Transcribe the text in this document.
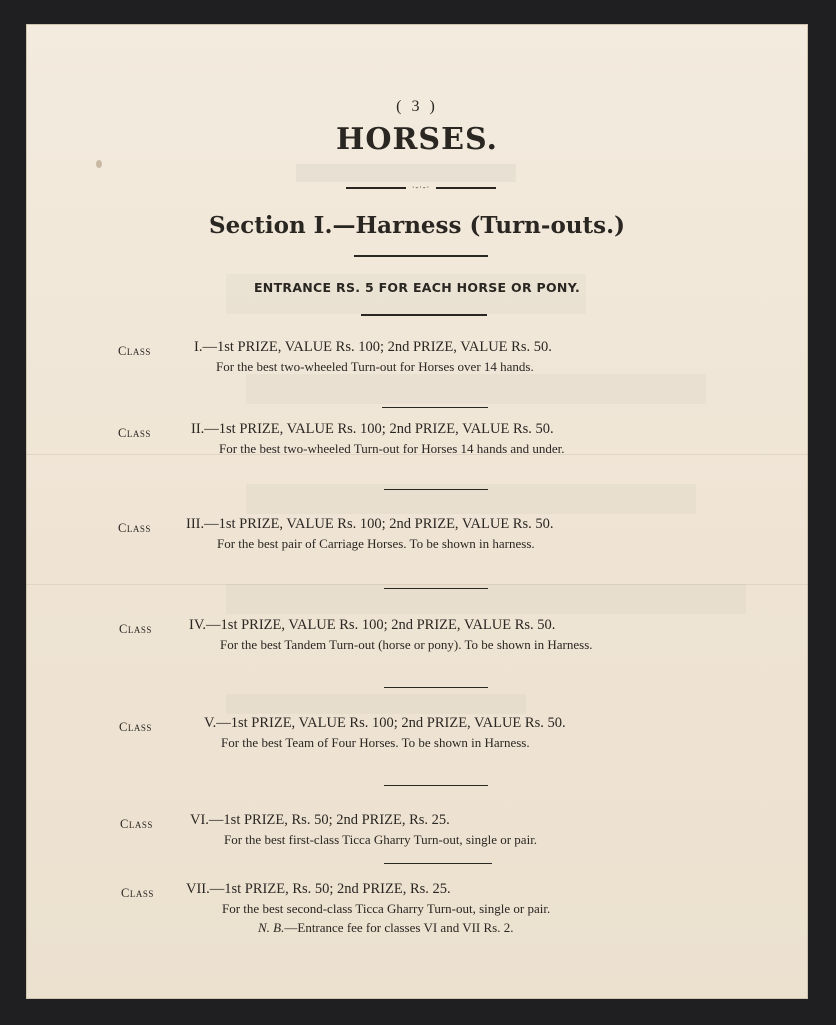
( 3 )
HORSES.
·-·-·
Section I.—Harness (Turn-outs.)
ENTRANCE RS. 5 FOR EACH HORSE OR PONY.
Class	I.—1st PRIZE, VALUE Rs. 100; 2nd PRIZE, VALUE Rs. 50.
For the best two-wheeled Turn-out for Horses over 14 hands.
Class	II.—1st PRIZE, VALUE Rs. 100; 2nd PRIZE, VALUE Rs. 50.
For the best two-wheeled Turn-out for Horses 14 hands and under.
Class III.—1st PRIZE, VALUE Rs. 100; 2nd PRIZE, VALUE Rs. 50.
For the best pair of Carriage Horses. To be shown in harness.
Class	IV.—1st PRIZE, VALUE Rs. 100; 2nd PRIZE, VALUE Rs. 50.
For the best Tandem Turn-out (horse or pony). To be shown in Harness.
Class	V.—1st PRIZE, VALUE Rs. 100; 2nd PRIZE, VALUE Rs. 50.
For the best Team of Four Horses. To be shown in Harness.
Class	VI.—1st PRIZE, Rs. 50; 2nd PRIZE, Rs. 25.
For the best first-class Ticca Gharry Turn-out, single or pair.
Class VII.—1st PRIZE, Rs. 50; 2nd PRIZE, Rs. 25.
For the best second-class Ticca Gharry Turn-out, single or pair.
N. B.—Entrance fee for classes VI and VII Rs. 2.
